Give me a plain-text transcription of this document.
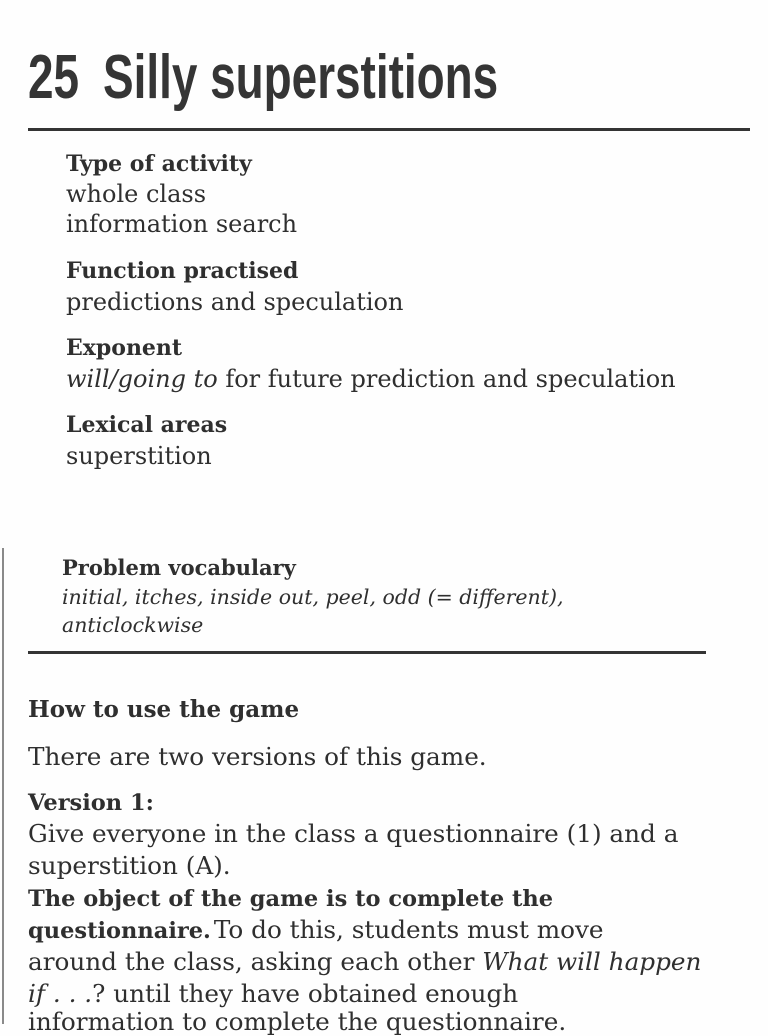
25 Silly superstitions
Type of activity
whole class
information search
Function practised
predictions and speculation
Exponent
will/going to for future prediction and speculation
Lexical areas
superstition
Problem vocabulary
initial, itches, inside out, peel, odd (= different),
anticlockwise
How to use the game
There are two versions of this game.
Version 1:
Give everyone in the class a questionnaire (1) and a
superstition (A).
The object of the game is to complete the
questionnaire. To do this, students must move
around the class, asking each other What will happen
if . . .? until they have obtained enough
information to complete the questionnaire.
